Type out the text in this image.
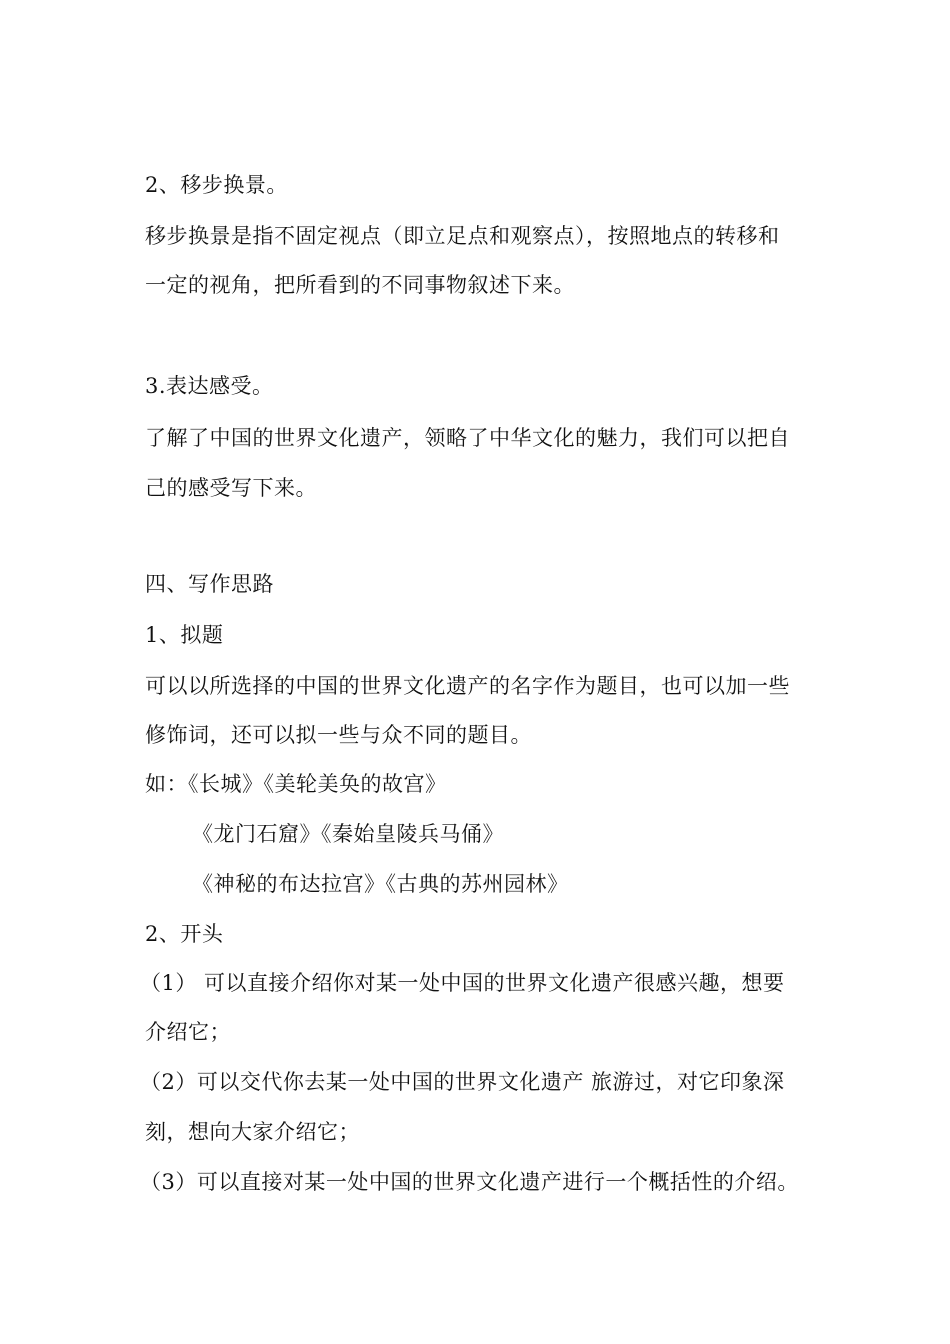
2、移步换景。
移步换景是指不固定视点（即立足点和观察点），按照地点的转移和
一定的视角，把所看到的不同事物叙述下来。
3.表达感受。
了解了中国的世界文化遗产，领略了中华文化的魅力，我们可以把自
己的感受写下来。
四、写作思路
1、拟题
可以以所选择的中国的世界文化遗产的名字作为题目，也可以加一些
修饰词，还可以拟一些与众不同的题目。
如：《长城》《美轮美奂的故宫》
《龙门石窟》《秦始皇陵兵马俑》
《神秘的布达拉宫》《古典的苏州园林》
2、开头
（1） 可以直接介绍你对某一处中国的世界文化遗产很感兴趣，想要
介绍它；
（2）可以交代你去某一处中国的世界文化遗产 旅游过，对它印象深
刻，想向大家介绍它；
（3）可以直接对某一处中国的世界文化遗产进行一个概括性的介绍。
